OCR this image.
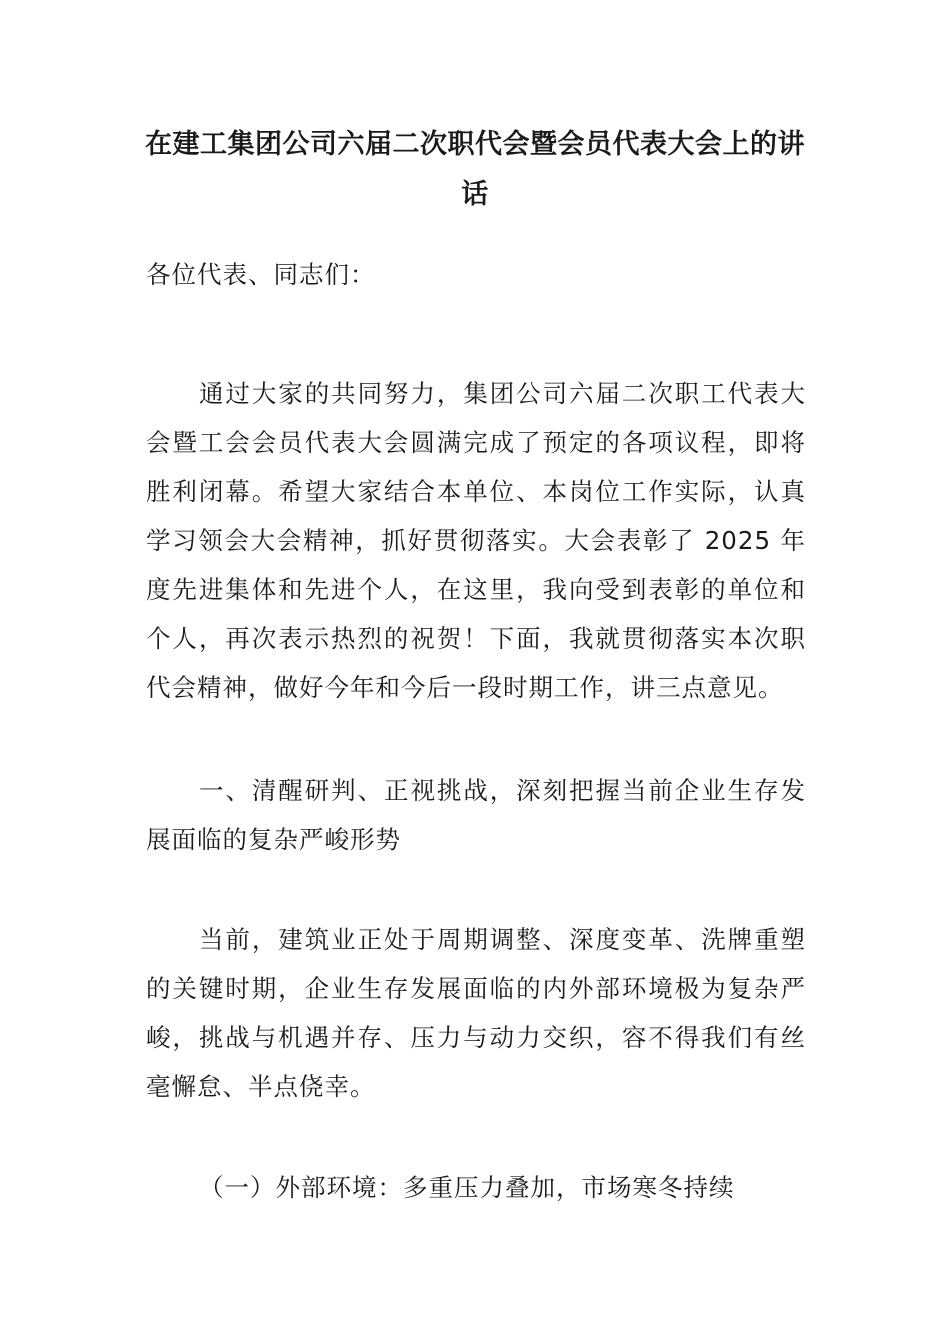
在建工集团公司六届二次职代会暨会员代表大会上的讲话
各位代表、同志们：
通过大家的共同努力，集团公司六届二次职工代表大会暨工会会员代表大会圆满完成了预定的各项议程，即将胜利闭幕。希望大家结合本单位、本岗位工作实际，认真学习领会大会精神，抓好贯彻落实。大会表彰了 2025 年度先进集体和先进个人，在这里，我向受到表彰的单位和个人，再次表示热烈的祝贺！下面，我就贯彻落实本次职代会精神，做好今年和今后一段时期工作，讲三点意见。
一、清醒研判、正视挑战，深刻把握当前企业生存发展面临的复杂严峻形势
当前，建筑业正处于周期调整、深度变革、洗牌重塑的关键时期，企业生存发展面临的内外部环境极为复杂严峻，挑战与机遇并存、压力与动力交织，容不得我们有丝毫懈怠、半点侥幸。
（一）外部环境：多重压力叠加，市场寒冬持续
